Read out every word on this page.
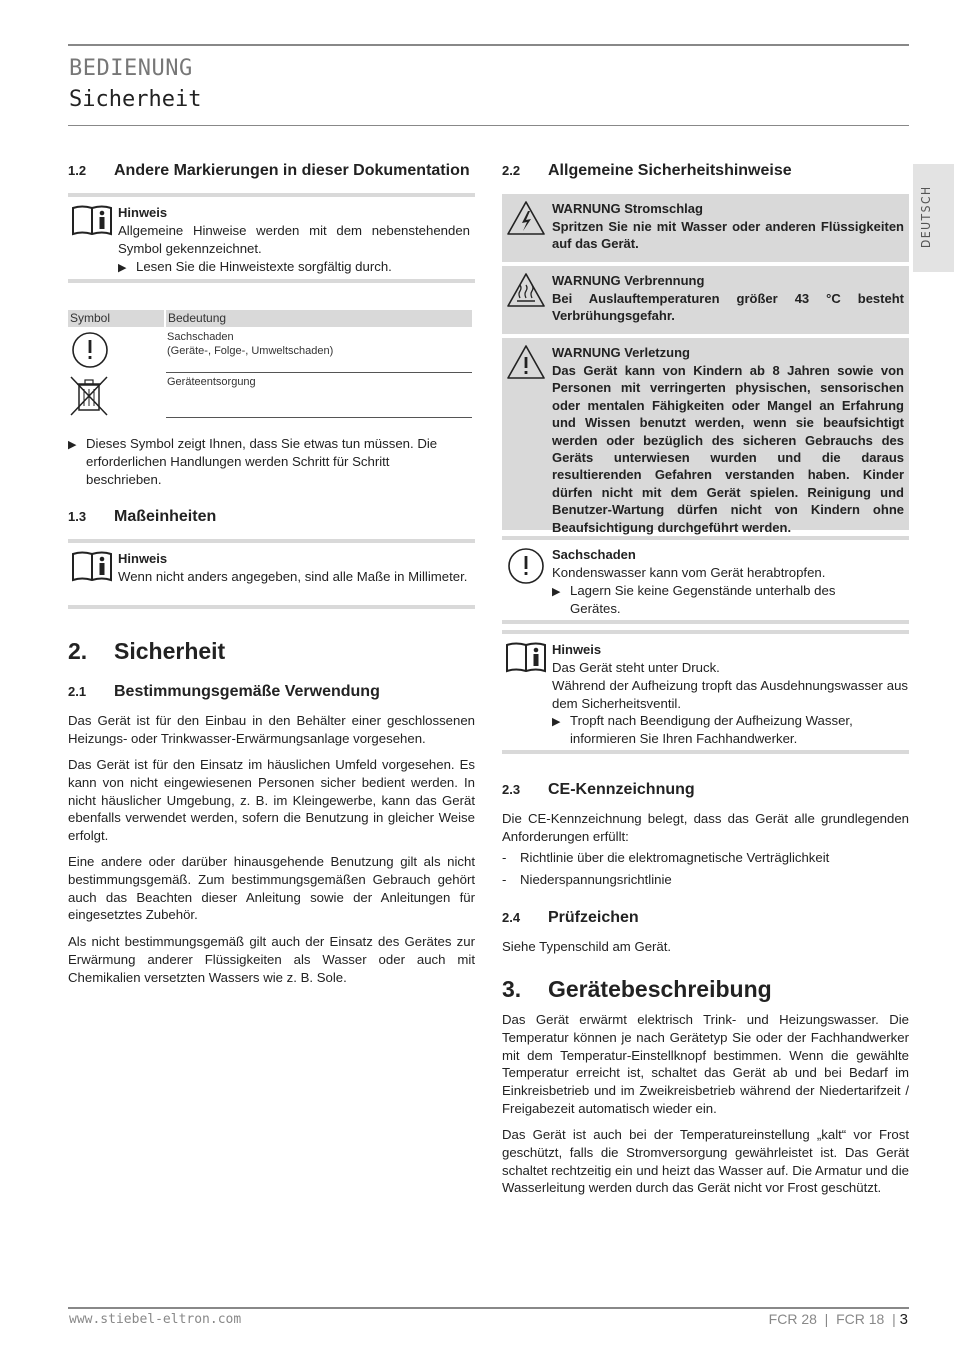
BEDIENUNG
Sicherheit
DEUTSCH
1.2 Andere Markierungen in dieser Dokumentation
Hinweis
Allgemeine Hinweise werden mit dem nebenstehenden Symbol gekennzeichnet.
▶ Lesen Sie die Hinweistexte sorgfältig durch.
Symbol	Bedeutung
Sachschaden
(Geräte-, Folge-, Umweltschaden)
Geräteentsorgung
▶ Dieses Symbol zeigt Ihnen, dass Sie etwas tun müssen. Die erforderlichen Handlungen werden Schritt für Schritt beschrieben.
1.3 Maßeinheiten
Hinweis
Wenn nicht anders angegeben, sind alle Maße in Millimeter.
2. Sicherheit
2.1 Bestimmungsgemäße Verwendung
Das Gerät ist für den Einbau in den Behälter einer geschlossenen Heizungs- oder Trinkwasser-Erwärmungsanlage vorgesehen.
Das Gerät ist für den Einsatz im häuslichen Umfeld vorgesehen. Es kann von nicht eingewiesenen Personen sicher bedient werden. In nicht häuslicher Umgebung, z. B. im Kleingewerbe, kann das Gerät ebenfalls verwendet werden, sofern die Benutzung in gleicher Weise erfolgt.
Eine andere oder darüber hinausgehende Benutzung gilt als nicht bestimmungsgemäß. Zum bestimmungsgemäßen Gebrauch gehört auch das Beachten dieser Anleitung sowie der Anleitungen für eingesetztes Zubehör.
Als nicht bestimmungsgemäß gilt auch der Einsatz des Gerätes zur Erwärmung anderer Flüssigkeiten als Wasser oder auch mit Chemikalien versetzten Wassers wie z. B. Sole.
2.2 Allgemeine Sicherheitshinweise
WARNUNG Stromschlag
Spritzen Sie nie mit Wasser oder anderen Flüssigkeiten auf das Gerät.
WARNUNG Verbrennung
Bei Auslauftemperaturen größer 43 °C besteht Verbrühungsgefahr.
WARNUNG Verletzung
Das Gerät kann von Kindern ab 8 Jahren sowie von Personen mit verringerten physischen, sensorischen oder mentalen Fähigkeiten oder Mangel an Erfahrung und Wissen benutzt werden, wenn sie beaufsichtigt werden oder bezüglich des sicheren Gebrauchs des Geräts unterwiesen wurden und die daraus resultierenden Gefahren verstanden haben. Kinder dürfen nicht mit dem Gerät spielen. Reinigung und Benutzer-Wartung dürfen nicht von Kindern ohne Beaufsichtigung durchgeführt werden.
Sachschaden
Kondenswasser kann vom Gerät herabtropfen.
▶ Lagern Sie keine Gegenstände unterhalb des Gerätes.
Hinweis
Das Gerät steht unter Druck.
Während der Aufheizung tropft das Ausdehnungswasser aus dem Sicherheitsventil.
▶ Tropft nach Beendigung der Aufheizung Wasser, informieren Sie Ihren Fachhandwerker.
2.3 CE-Kennzeichnung
Die CE-Kennzeichnung belegt, dass das Gerät alle grundlegenden Anforderungen erfüllt:
- Richtlinie über die elektromagnetische Verträglichkeit
- Niederspannungsrichtlinie
2.4 Prüfzeichen
Siehe Typenschild am Gerät.
3. Gerätebeschreibung
Das Gerät erwärmt elektrisch Trink- und Heizungswasser. Die Temperatur können je nach Gerätetyp Sie oder der Fachhandwerker mit dem Temperatur-Einstellknopf bestimmen. Wenn die gewählte Temperatur erreicht ist, schaltet das Gerät ab und bei Bedarf im Einkreisbetrieb und im Zweikreisbetrieb während der Niedertarifzeit / Freigabezeit automatisch wieder ein.
Das Gerät ist auch bei der Temperatureinstellung „kalt“ vor Frost geschützt, falls die Stromversorgung gewährleistet ist. Das Gerät schaltet rechtzeitig ein und heizt das Wasser auf. Die Armatur und die Wasserleitung werden durch das Gerät nicht vor Frost geschützt.
www.stiebel-eltron.com	FCR 28  |  FCR 18  | 3
